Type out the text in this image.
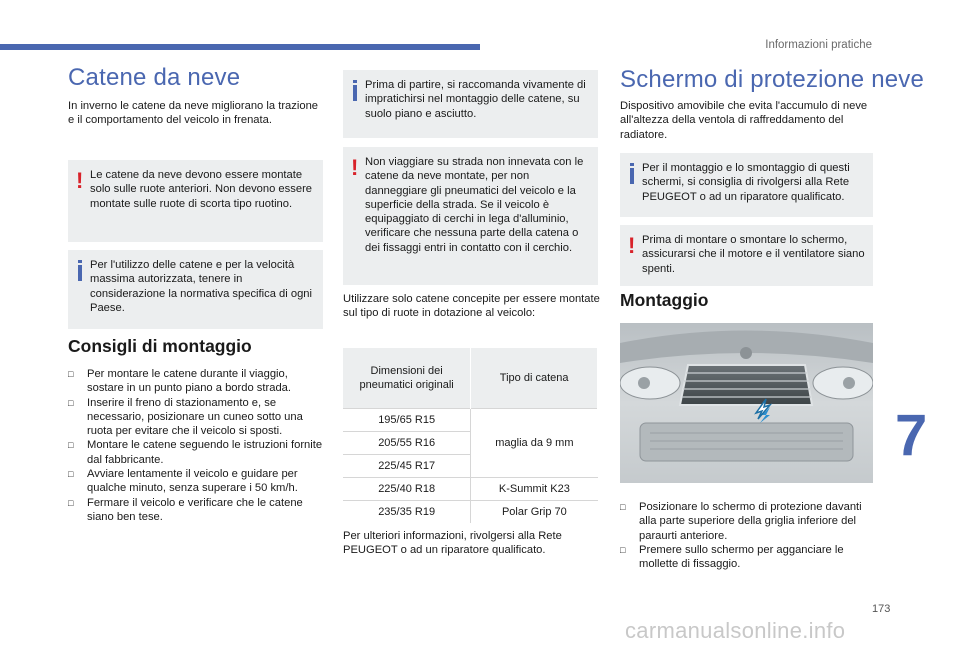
Informazioni pratiche
Catene da neve

In inverno le catene da neve migliorano la trazione e il comportamento del veicolo in frenata.

! Le catene da neve devono essere montate solo sulle ruote anteriori. Non devono essere montate sulle ruote di scorta tipo ruotino.

Per l'utilizzo delle catene e per la velocità massima autorizzata, tenere in considerazione la normativa specifica di ogni Paese.

Consigli di montaggio
□ Per montare le catene durante il viaggio, sostare in un punto piano a bordo strada.
□ Inserire il freno di stazionamento e, se necessario, posizionare un cuneo sotto una ruota per evitare che il veicolo si sposti.
□ Montare le catene seguendo le istruzioni fornite dal fabbricante.
□ Avviare lentamente il veicolo e guidare per qualche minuto, senza superare i 50 km/h.
□ Fermare il veicolo e verificare che le catene siano ben tese.

Prima di partire, si raccomanda vivamente di impratichirsi nel montaggio delle catene, su suolo piano e asciutto.

! Non viaggiare su strada non innevata con le catene da neve montate, per non danneggiare gli pneumatici del veicolo e la superficie della strada. Se il veicolo è equipaggiato di cerchi in lega d'alluminio, verificare che nessuna parte della catena o dei fissaggi entri in contatto con il cerchio.

Utilizzare solo catene concepite per essere montate sul tipo di ruote in dotazione al veicolo:

Dimensioni dei pneumatici originali	Tipo di catena
195/65 R15	maglia da 9 mm
205/55 R16	
225/45 R17	
225/40 R18	K-Summit K23
235/35 R19	Polar Grip 70

Per ulteriori informazioni, rivolgersi alla Rete PEUGEOT o ad un riparatore qualificato.

Schermo di protezione neve

Dispositivo amovibile che evita l'accumulo di neve all'altezza della ventola di raffreddamento del radiatore.

Per il montaggio e lo smontaggio di questi schermi, si consiglia di rivolgersi alla Rete PEUGEOT o ad un riparatore qualificato.

! Prima di montare o smontare lo schermo, assicurarsi che il motore e il ventilatore siano spenti.

Montaggio
□ Posizionare lo schermo di protezione davanti alla parte superiore della griglia inferiore del paraurti anteriore.
□ Premere sullo schermo per agganciare le mollette di fissaggio.
7
173
carmanualsonline.info
